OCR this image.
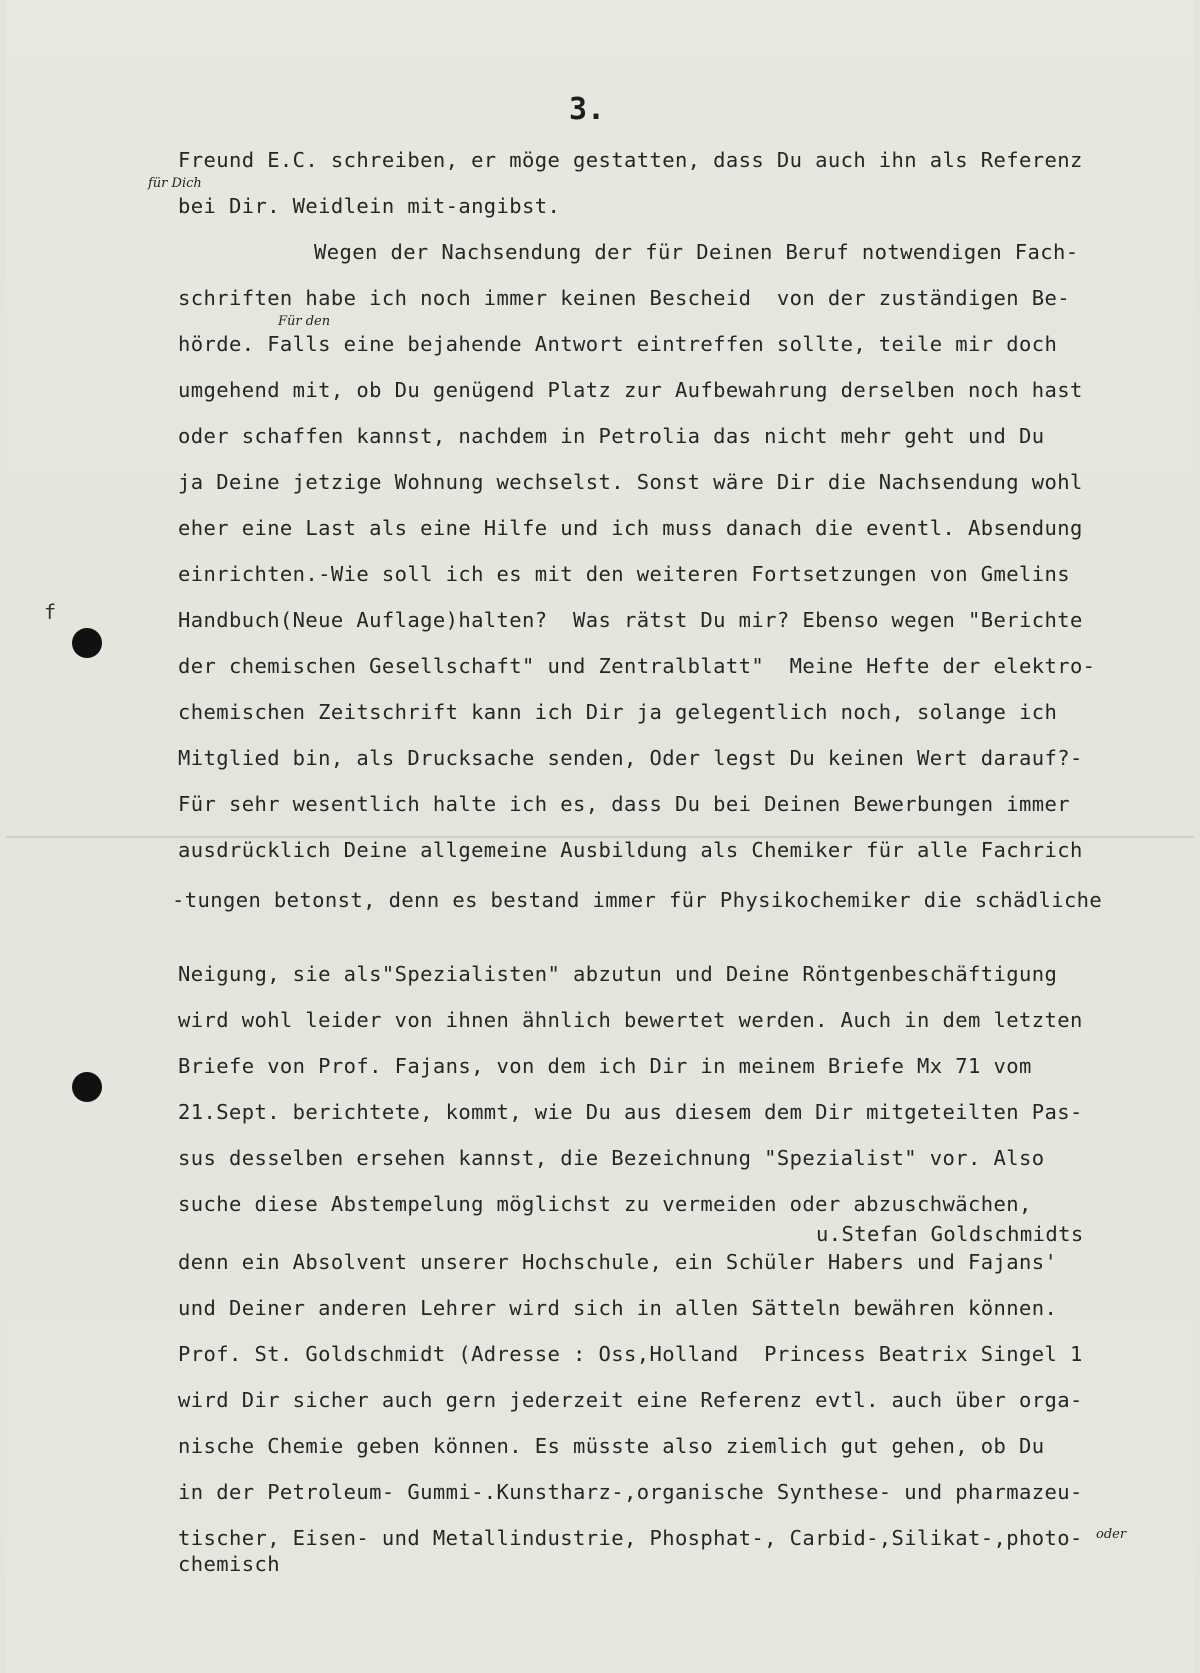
3.
für Dich
Für den
oder
f

Freund E.C. schreiben, er möge gestatten, dass Du auch ihn als Referenz

bei Dir. Weidlein mit-angibst.

Wegen der Nachsendung der für Deinen Beruf notwendigen Fach-

schriften habe ich noch immer keinen Bescheid  von der zuständigen Be-

hörde. Falls eine bejahende Antwort eintreffen sollte, teile mir doch

umgehend mit, ob Du genügend Platz zur Aufbewahrung derselben noch hast

oder schaffen kannst, nachdem in Petrolia das nicht mehr geht und Du

ja Deine jetzige Wohnung wechselst. Sonst wäre Dir die Nachsendung wohl

eher eine Last als eine Hilfe und ich muss danach die eventl. Absendung

einrichten.-Wie soll ich es mit den weiteren Fortsetzungen von Gmelins

Handbuch(Neue Auflage)halten?  Was rätst Du mir? Ebenso wegen "Berichte

der chemischen Gesellschaft" und Zentralblatt"  Meine Hefte der elektro-

chemischen Zeitschrift kann ich Dir ja gelegentlich noch, solange ich

Mitglied bin, als Drucksache senden, Oder legst Du keinen Wert darauf?-

Für sehr wesentlich halte ich es, dass Du bei Deinen Bewerbungen immer

ausdrücklich Deine allgemeine Ausbildung als Chemiker für alle Fachrich

-tungen betonst, denn es bestand immer für Physikochemiker die schädliche

Neigung, sie als"Spezialisten" abzutun und Deine Röntgenbeschäftigung

wird wohl leider von ihnen ähnlich bewertet werden. Auch in dem letzten

Briefe von Prof. Fajans, von dem ich Dir in meinem Briefe Mx 71 vom

21.Sept. berichtete, kommt, wie Du aus diesem dem Dir mitgeteilten Pas-

sus desselben ersehen kannst, die Bezeichnung "Spezialist" vor. Also

suche diese Abstempelung möglichst zu vermeiden oder abzuschwächen,

u.Stefan Goldschmidts

denn ein Absolvent unserer Hochschule, ein Schüler Habers und Fajans'

und Deiner anderen Lehrer wird sich in allen Sätteln bewähren können.

Prof. St. Goldschmidt (Adresse : Oss,Holland  Princess Beatrix Singel 1

wird Dir sicher auch gern jederzeit eine Referenz evtl. auch über orga-

nische Chemie geben können. Es müsste also ziemlich gut gehen, ob Du

in der Petroleum- Gummi-.Kunstharz-,organische Synthese- und pharmazeu-

tischer, Eisen- und Metallindustrie, Phosphat-, Carbid-,Silikat-,photo-

chemisch
